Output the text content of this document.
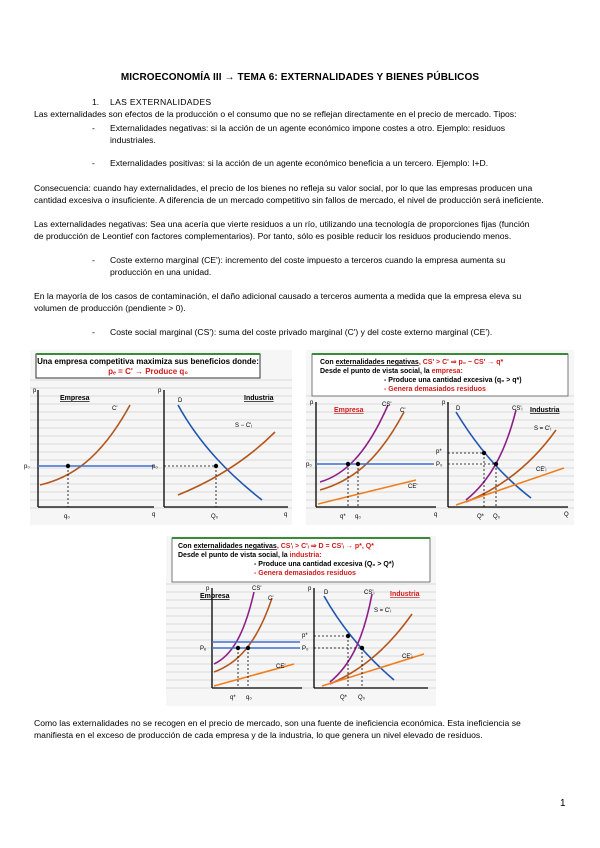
MICROECONOMÍA III → TEMA 6: EXTERNALIDADES Y BIENES PÚBLICOS
1. LAS EXTERNALIDADES
Las externalidades son efectos de la producción o el consumo que no se reflejan directamente en el precio de mercado. Tipos:
- Externalidades negativas: si la acción de un agente económico impone costes a otro. Ejemplo: residuos
industriales.
- Externalidades positivas: si la acción de un agente económico beneficia a un tercero. Ejemplo: I+D.
Consecuencia: cuando hay externalidades, el precio de los bienes no refleja su valor social, por lo que las empresas producen una
cantidad excesiva o insuficiente. A diferencia de un mercado competitivo sin fallos de mercado, el nivel de producción será ineficiente.
Las externalidades negativas: Sea una acería que vierte residuos a un río, utilizando una tecnología de proporciones fijas (función
de producción de Leontief con factores complementarios). Por tanto, sólo es posible reducir los residuos produciendo menos.
- Coste externo marginal (CE'): incremento del coste impuesto a terceros cuando la empresa aumenta su
producción en una unidad.
En la mayoría de los casos de contaminación, el daño adicional causado a terceros aumenta a medida que la empresa eleva su
volumen de producción (pendiente > 0).
- Coste social marginal (CS'): suma del coste privado marginal (C') y del coste externo marginal (CE').
Una empresa competitiva maximiza sus beneficios donde:
pₑ = C' → Produce q₀
p
q
Empresa
C'
p₀
q₀
p
q
Industria
D
S − C'ᵢ
p₀
Q₀
Con externalidades negativas, CS' > C' ⇒ p₀ − CS' → q*
Desde el punto de vista social, la empresa:
- Produce una cantidad excesiva (q₀ > q*)
- Genera demasiados residuos
p
q
Empresa
CS'
C'
CE'
p₀
q* q₀
p
Q
Industria
D	CS'ᵢ
S = C'ᵢ
CE'ᵢ
p*
P₀
Q* Q₀
Con externalidades negativas, CS'ᵢ > C'ᵢ ⇒ D = CS'ᵢ → p*, Q*
Desde el punto de vista social, la industria:
- Produce una cantidad excesiva (Q₀ > Q*)
- Genera demasiados residuos
p
Empresa
CS'
C'
CE'
Pₑ
q* q₀
p
Industria
D	CS'ᵢ
S = C'ᵢ
CE'ᵢ
p*
P₀
Q* Q₀
Como las externalidades no se recogen en el precio de mercado, son una fuente de ineficiencia económica. Esta ineficiencia se
manifiesta en el exceso de producción de cada empresa y de la industria, lo que genera un nivel elevado de residuos.
1
